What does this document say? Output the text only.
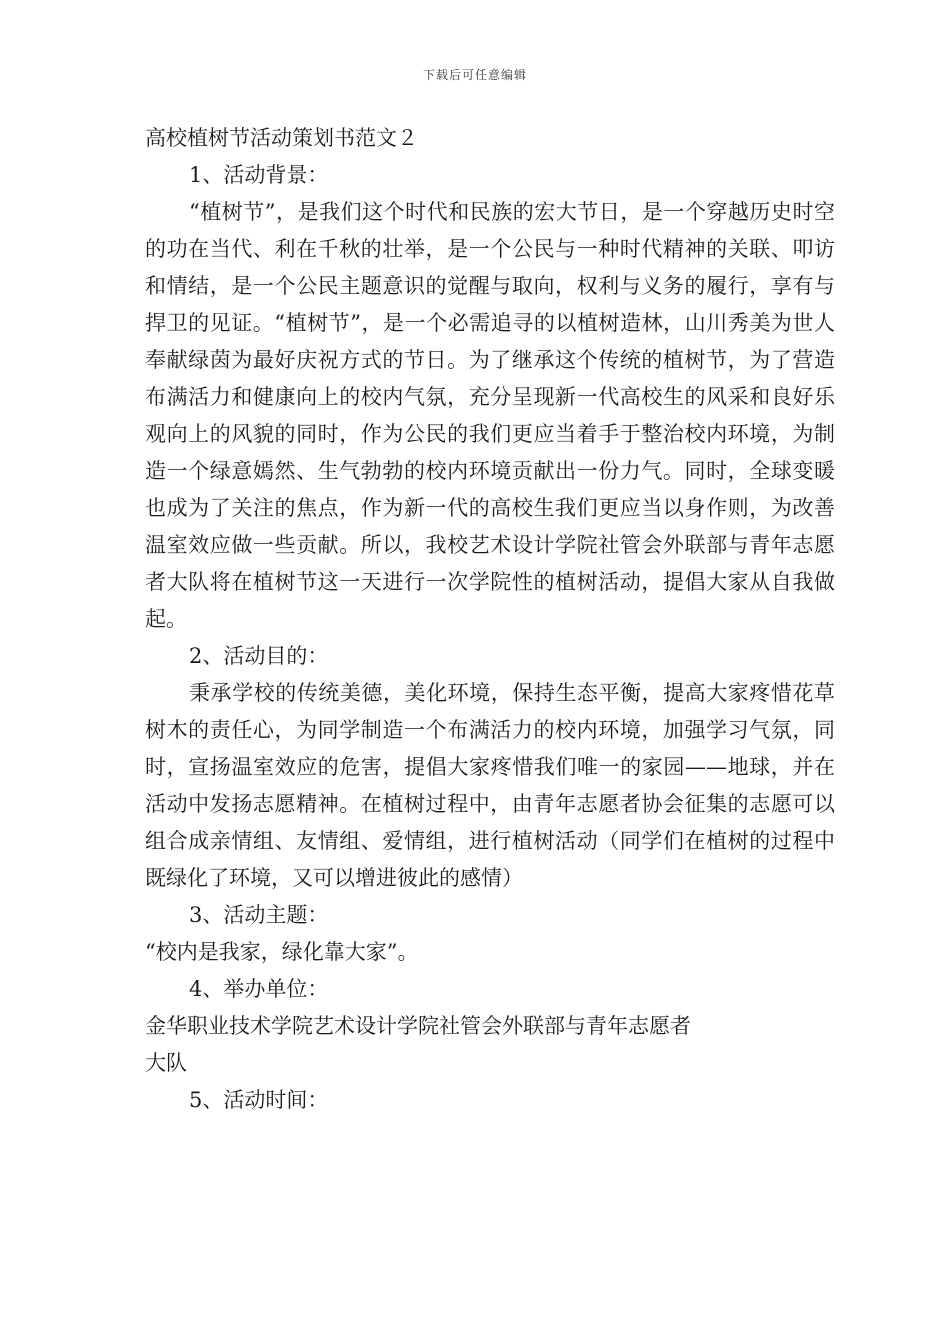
下载后可任意编辑

高校植树节活动策划书范文２

1、活动背景：

“植树节”，是我们这个时代和民族的宏大节日，是一个穿越历史时空的功在当代、利在千秋的壮举，是一个公民与一种时代精神的关联、叩访和情结，是一个公民主题意识的觉醒与取向，权利与义务的履行，享有与捍卫的见证。“植树节”，是一个必需追寻的以植树造林，山川秀美为世人奉献绿茵为最好庆祝方式的节日。为了继承这个传统的植树节，为了营造布满活力和健康向上的校内气氛，充分呈现新一代高校生的风采和良好乐观向上的风貌的同时，作为公民的我们更应当着手于整治校内环境，为制造一个绿意嫣然、生气勃勃的校内环境贡献出一份力气。同时，全球变暖也成为了关注的焦点，作为新一代的高校生我们更应当以身作则，为改善温室效应做一些贡献。所以，我校艺术设计学院社管会外联部与青年志愿者大队将在植树节这一天进行一次学院性的植树活动，提倡大家从自我做起。

2、活动目的：

秉承学校的传统美德，美化环境，保持生态平衡，提高大家疼惜花草树木的责任心，为同学制造一个布满活力的校内环境，加强学习气氛，同时，宣扬温室效应的危害，提倡大家疼惜我们唯一的家园——地球，并在活动中发扬志愿精神。在植树过程中，由青年志愿者协会征集的志愿可以组合成亲情组、友情组、爱情组，进行植树活动（同学们在植树的过程中既绿化了环境，又可以增进彼此的感情）

3、活动主题：

“校内是我家，绿化靠大家”。

4、举办单位：

金华职业技术学院艺术设计学院社管会外联部与青年志愿者

大队

5、活动时间：
